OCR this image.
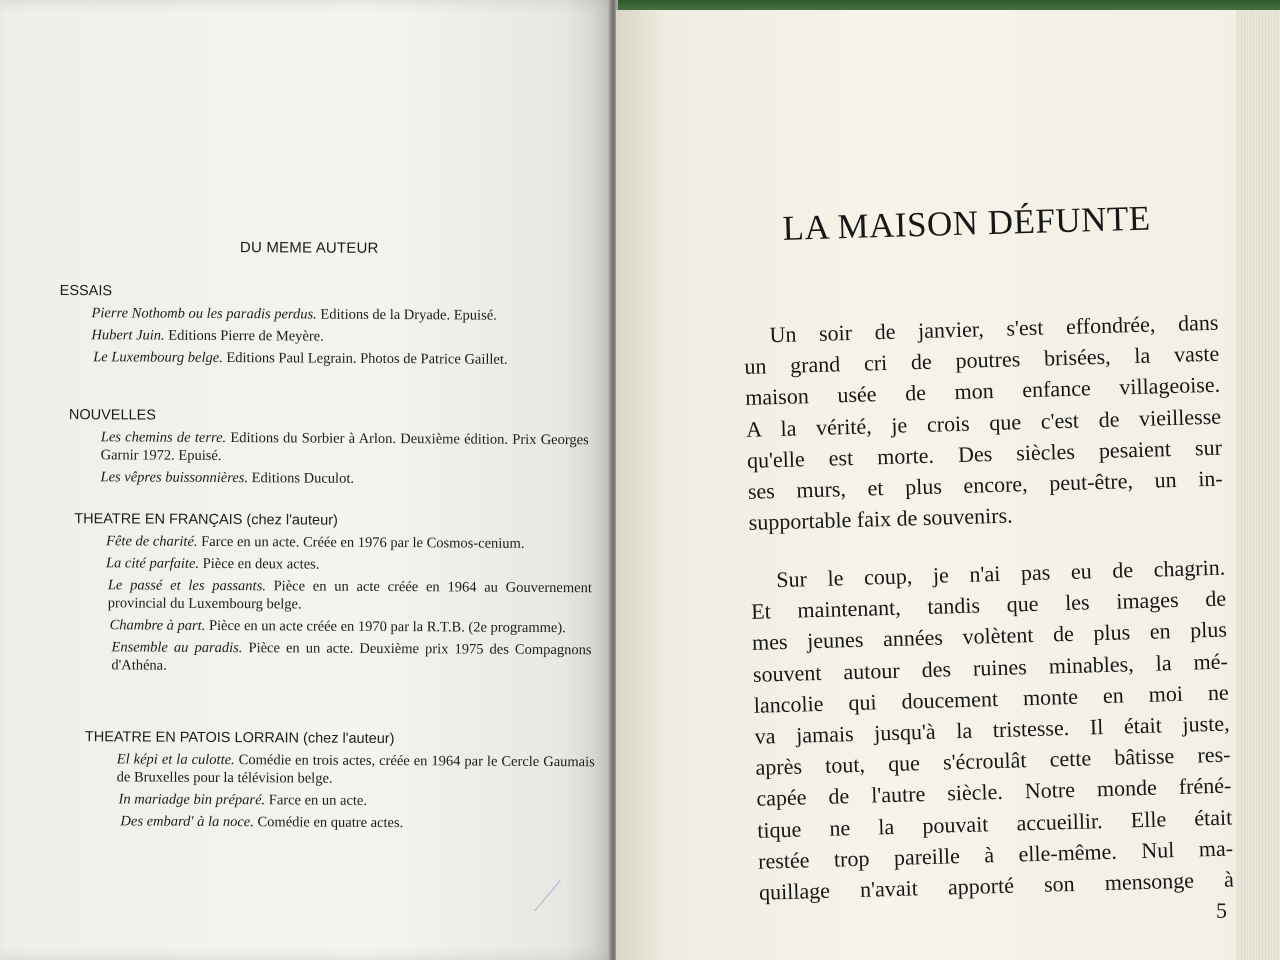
DU MEME AUTEUR
ESSAIS
Pierre Nothomb ou les paradis perdus. Editions de la Dryade. Epuisé.
Hubert Juin. Editions Pierre de Meyère.
Le Luxembourg belge. Editions Paul Legrain. Photos de Patrice Gaillet.
NOUVELLES
Les chemins de terre. Editions du Sorbier à Arlon. Deuxième édition. Prix Georges Garnir 1972. Epuisé.
Les vêpres buissonnières. Editions Duculot.
THEATRE EN FRANÇAIS (chez l'auteur)
Fête de charité. Farce en un acte. Créée en 1976 par le Cosmos-cenium.
La cité parfaite. Pièce en deux actes.
Le passé et les passants. Pièce en un acte créée en 1964 au Gouvernement provincial du Luxembourg belge.
Chambre à part. Pièce en un acte créée en 1970 par la R.T.B. (2e programme).
Ensemble au paradis. Pièce en un acte. Deuxième prix 1975 des Compagnons d'Athéna.
THEATRE EN PATOIS LORRAIN (chez l'auteur)
El képi et la culotte. Comédie en trois actes, créée en 1964 par le Cercle Gaumais de Bruxelles pour la télévision belge.
In mariadge bin préparé. Farce en un acte.
Des embard' à la noce. Comédie en quatre actes.
LA MAISON DÉFUNTE
Un soir de janvier, s'est effondrée, dans
un grand cri de poutres brisées, la vaste
maison usée de mon enfance villageoise.
A la vérité, je crois que c'est de vieillesse
qu'elle est morte. Des siècles pesaient sur
ses murs, et plus encore, peut-être, un in-
supportable faix de souvenirs.
Sur le coup, je n'ai pas eu de chagrin.
Et maintenant, tandis que les images de
mes jeunes années volètent de plus en plus
souvent autour des ruines minables, la mé-
lancolie qui doucement monte en moi ne
va jamais jusqu'à la tristesse. Il était juste,
après tout, que s'écroulât cette bâtisse res-
capée de l'autre siècle. Notre monde fréné-
tique ne la pouvait accueillir. Elle était
restée trop pareille à elle-même. Nul ma-
quillage n'avait apporté son mensonge à
5
